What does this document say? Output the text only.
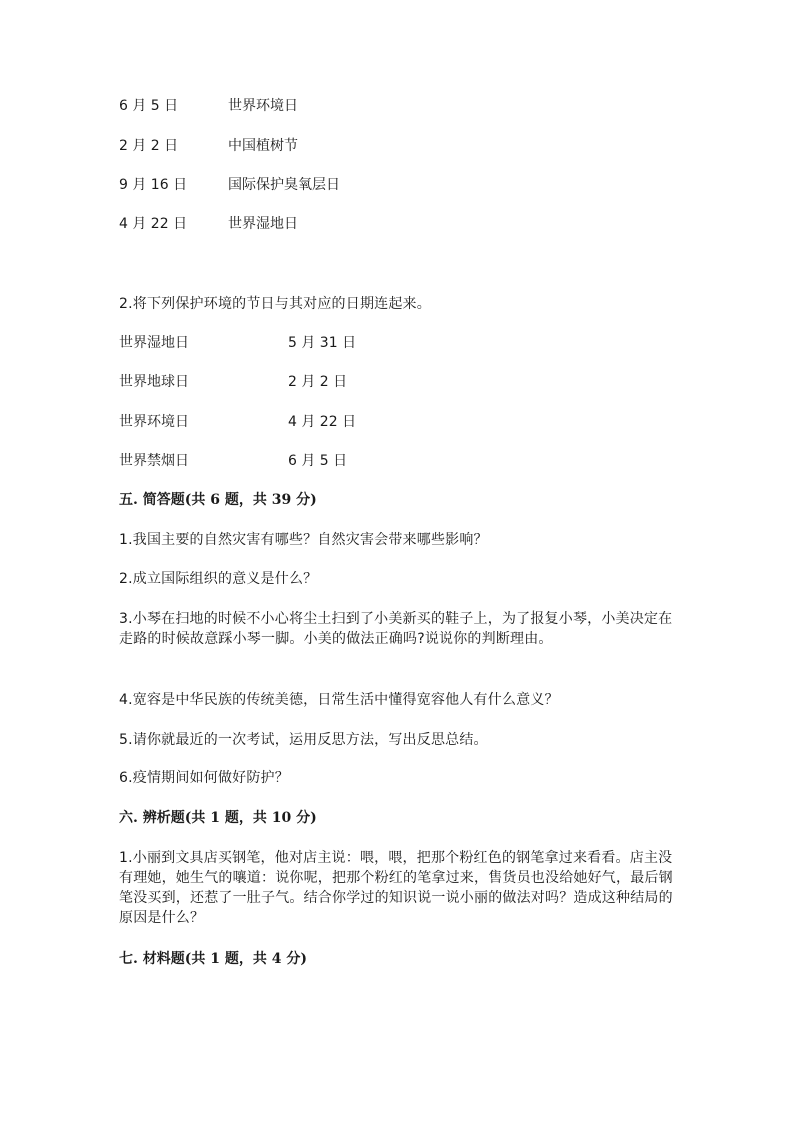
6 月 5 日	世界环境日
2 月 2 日	中国植树节
9 月 16 日	国际保护臭氧层日
4 月 22 日	世界湿地日
2.将下列保护环境的节日与其对应的日期连起来。
世界湿地日	5 月 31 日
世界地球日	2 月 2 日
世界环境日	4 月 22 日
世界禁烟日	6 月 5 日
五. 简答题(共 6 题，共 39 分)
1.我国主要的自然灾害有哪些？自然灾害会带来哪些影响？
2.成立国际组织的意义是什么？
3.小琴在扫地的时候不小心将尘土扫到了小美新买的鞋子上，为了报复小琴，小美决定在走路的时候故意踩小琴一脚。小美的做法正确吗?说说你的判断理由。
4.宽容是中华民族的传统美德，日常生活中懂得宽容他人有什么意义？
5.请你就最近的一次考试，运用反思方法，写出反思总结。
6.疫情期间如何做好防护？
六. 辨析题(共 1 题，共 10 分)
1.小丽到文具店买钢笔，他对店主说：喂，喂，把那个粉红色的钢笔拿过来看看。店主没有理她，她生气的嚷道：说你呢，把那个粉红的笔拿过来，售货员也没给她好气，最后钢笔没买到，还惹了一肚子气。结合你学过的知识说一说小丽的做法对吗？造成这种结局的原因是什么？
七. 材料题(共 1 题，共 4 分)
